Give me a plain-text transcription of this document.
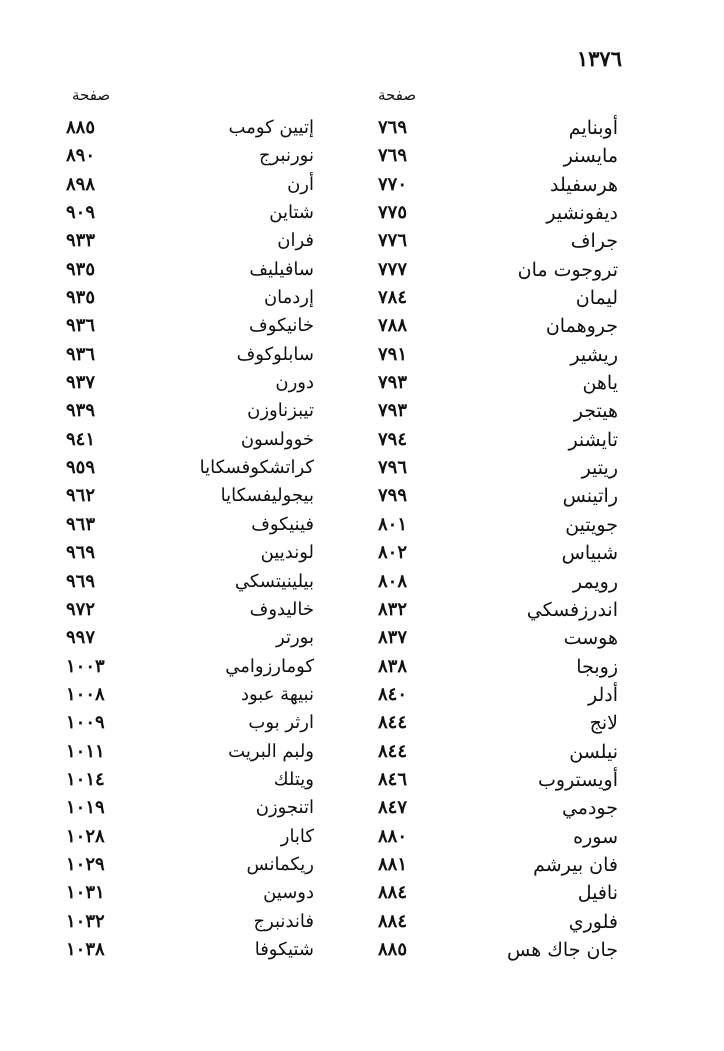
١٣٧٦
صفحة
صفحة
أوبنايم
٧٦٩
إتيين كومب
٨٨٥
مايسنر
٧٦٩
نورنبرج
٨٩٠
هرسفيلد
٧٧٠
أرن
٨٩٨
ديفونشير
٧٧٥
شتاين
٩٠٩
جراف
٧٧٦
فران
٩٣٣
تروجوت مان
٧٧٧
سافيليف
٩٣٥
ليمان
٧٨٤
إردمان
٩٣٥
جروهمان
٧٨٨
خانيكوف
٩٣٦
ريشير
٧٩١
سابلوكوف
٩٣٦
ياهن
٧٩٣
دورن
٩٣٧
هيتجر
٧٩٣
تيبزناوزن
٩٣٩
تايشنر
٧٩٤
خوولسون
٩٤١
ريتير
٧٩٦
كراتشكوفسكايا
٩٥٩
راتينس
٧٩٩
بيجوليفسكايا
٩٦٢
جويتين
٨٠١
فينيكوف
٩٦٣
شبياس
٨٠٢
لونديين
٩٦٩
رويمر
٨٠٨
بيلينيتسكي
٩٦٩
اندرزفسكي
٨٣٢
خاليدوف
٩٧٢
هوست
٨٣٧
بورتر
٩٩٧
زوبجا
٨٣٨
كومارزوامي
١٠٠٣
أدلر
٨٤٠
نبيهة عبود
١٠٠٨
لانج
٨٤٤
ارثر بوب
١٠٠٩
نيلسن
٨٤٤
ولبم البريت
١٠١١
أويستروب
٨٤٦
ويتلك
١٠١٤
جودمي
٨٤٧
اتنجوزن
١٠١٩
سوره
٨٨٠
كابار
١٠٢٨
فان بيرشم
٨٨١
ريكمانس
١٠٢٩
نافيل
٨٨٤
دوسين
١٠٣١
فلوري
٨٨٤
فاندنبرج
١٠٣٢
جان جاك هس
٨٨٥
شتيكوفا
١٠٣٨
